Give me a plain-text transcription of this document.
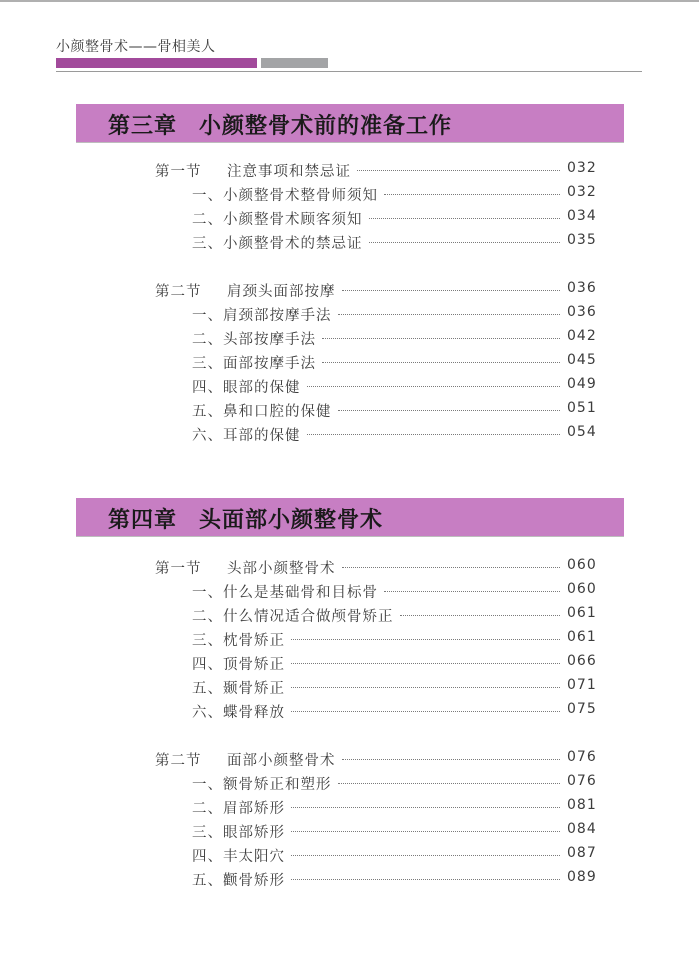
小颜整骨术——骨相美人
第三章 小颜整骨术前的准备工作
第一节 注意事项和禁忌证	032
一、小颜整骨术整骨师须知	032
二、小颜整骨术顾客须知	034
三、小颜整骨术的禁忌证	035
第二节 肩颈头面部按摩	036
一、肩颈部按摩手法	036
二、头部按摩手法	042
三、面部按摩手法	045
四、眼部的保健	049
五、鼻和口腔的保健	051
六、耳部的保健	054
第四章 头面部小颜整骨术
第一节 头部小颜整骨术	060
一、什么是基础骨和目标骨	060
二、什么情况适合做颅骨矫正	061
三、枕骨矫正	061
四、顶骨矫正	066
五、颞骨矫正	071
六、蝶骨释放	075
第二节 面部小颜整骨术	076
一、额骨矫正和塑形	076
二、眉部矫形	081
三、眼部矫形	084
四、丰太阳穴	087
五、颧骨矫形	089
